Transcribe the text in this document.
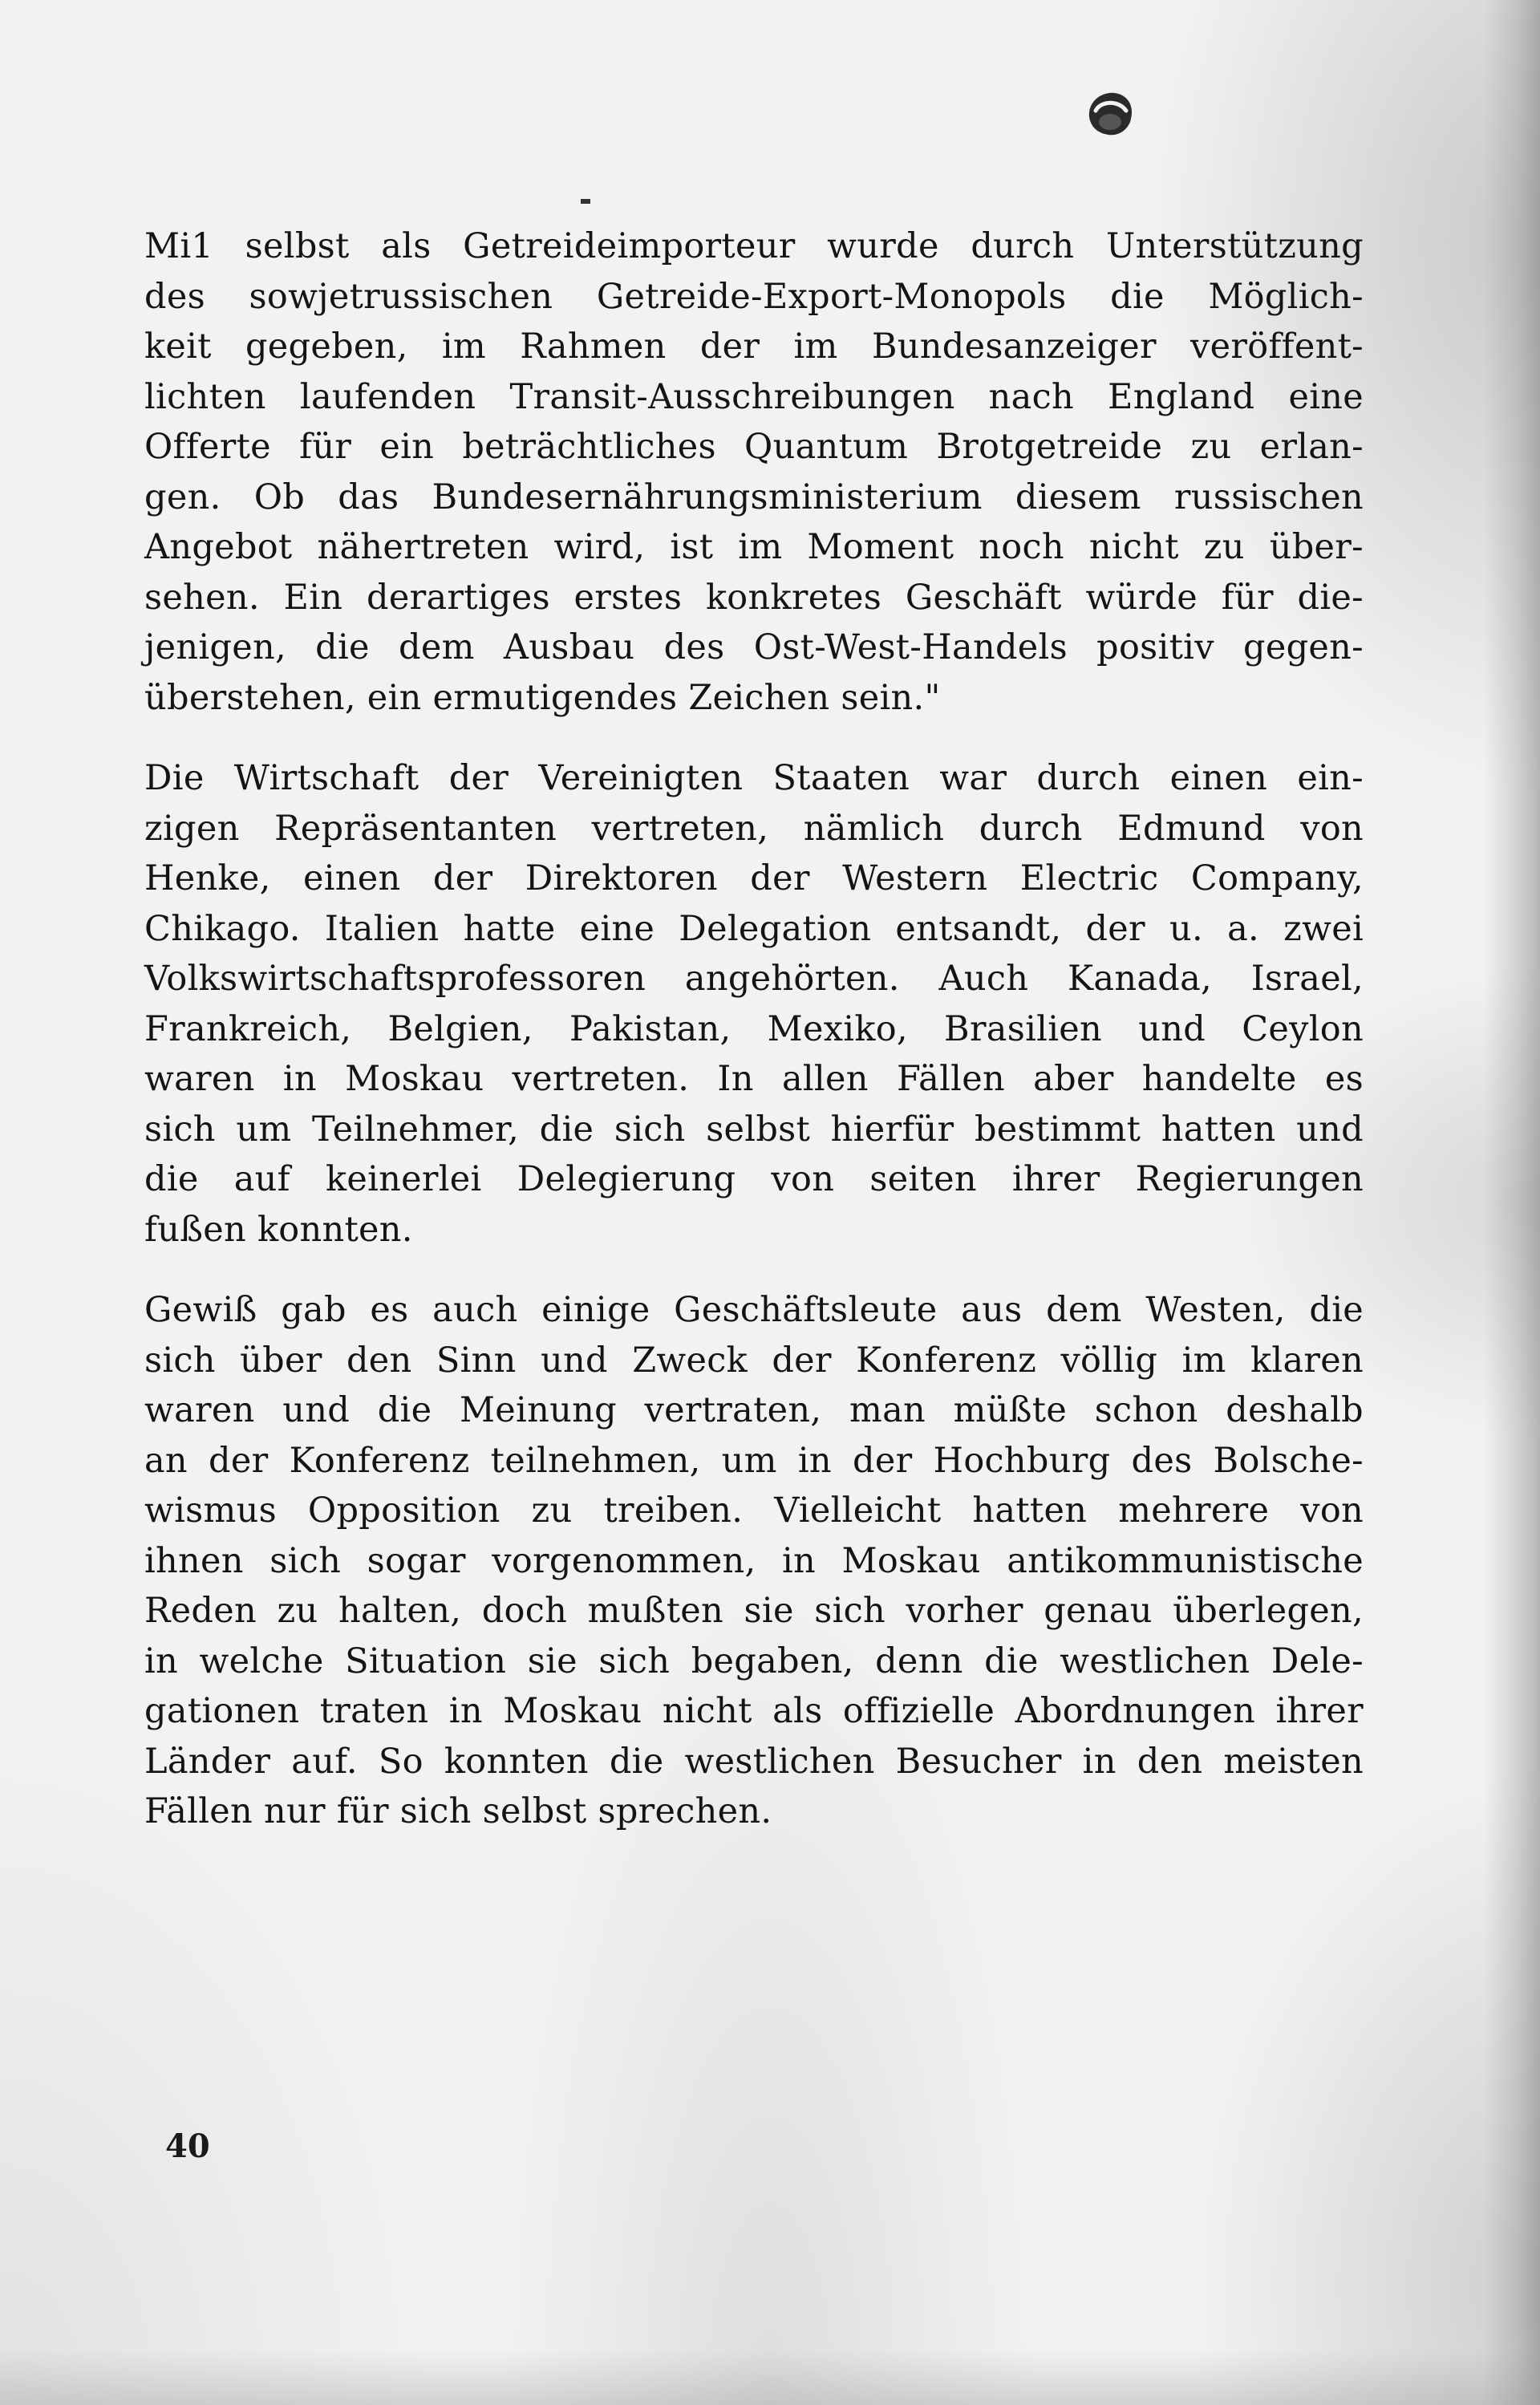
Mi1 selbst als Getreideimporteur wurde durch Unterstützung
des sowjetrussischen Getreide-Export-Monopols die Möglich-
keit gegeben, im Rahmen der im Bundesanzeiger veröffent-
lichten laufenden Transit-Ausschreibungen nach England eine
Offerte für ein beträchtliches Quantum Brotgetreide zu erlan-
gen. Ob das Bundesernährungsministerium diesem russischen
Angebot nähertreten wird, ist im Moment noch nicht zu über-
sehen. Ein derartiges erstes konkretes Geschäft würde für die-
jenigen, die dem Ausbau des Ost-West-Handels positiv gegen-
überstehen, ein ermutigendes Zeichen sein."

Die Wirtschaft der Vereinigten Staaten war durch einen ein-
zigen Repräsentanten vertreten, nämlich durch Edmund von
Henke, einen der Direktoren der Western Electric Company,
Chikago. Italien hatte eine Delegation entsandt, der u. a. zwei
Volkswirtschaftsprofessoren angehörten. Auch Kanada, Israel,
Frankreich, Belgien, Pakistan, Mexiko, Brasilien und Ceylon
waren in Moskau vertreten. In allen Fällen aber handelte es
sich um Teilnehmer, die sich selbst hierfür bestimmt hatten und
die auf keinerlei Delegierung von seiten ihrer Regierungen
fußen konnten.

Gewiß gab es auch einige Geschäftsleute aus dem Westen, die
sich über den Sinn und Zweck der Konferenz völlig im klaren
waren und die Meinung vertraten, man müßte schon deshalb
an der Konferenz teilnehmen, um in der Hochburg des Bolsche-
wismus Opposition zu treiben. Vielleicht hatten mehrere von
ihnen sich sogar vorgenommen, in Moskau antikommunistische
Reden zu halten, doch mußten sie sich vorher genau überlegen,
in welche Situation sie sich begaben, denn die westlichen Dele-
gationen traten in Moskau nicht als offizielle Abordnungen ihrer
Länder auf. So konnten die westlichen Besucher in den meisten
Fällen nur für sich selbst sprechen.

40
